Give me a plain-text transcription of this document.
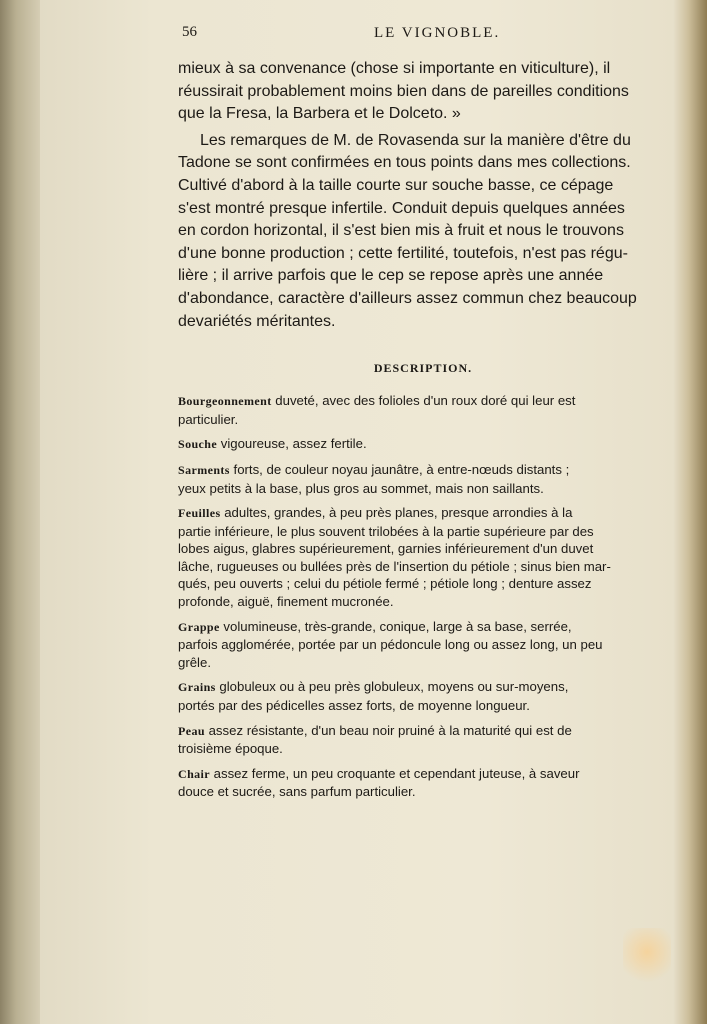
56	LE VIGNOBLE.

mieux à sa convenance (chose si importante en viticulture), il
réussirait probablement moins bien dans de pareilles conditions
que la Fresa, la Barbera et le Dolceto. »

Les remarques de M. de Rovasenda sur la manière d'être du
Tadone se sont confirmées en tous points dans mes collections.
Cultivé d'abord à la taille courte sur souche basse, ce cépage
s'est montré presque infertile. Conduit depuis quelques années
en cordon horizontal, il s'est bien mis à fruit et nous le trouvons
d'une bonne production ; cette fertilité, toutefois, n'est pas régu-
lière ; il arrive parfois que le cep se repose après une année
d'abondance, caractère d'ailleurs assez commun chez beaucoup
devariétés méritantes.

DESCRIPTION.

Bourgeonnement duveté, avec des folioles d'un roux doré qui leur est
particulier.

Souche vigoureuse, assez fertile.

Sarments forts, de couleur noyau jaunâtre, à entre-nœuds distants ;
yeux petits à la base, plus gros au sommet, mais non saillants.

Feuilles adultes, grandes, à peu près planes, presque arrondies à la
partie inférieure, le plus souvent trilobées à la partie supérieure par des
lobes aigus, glabres supérieurement, garnies inférieurement d'un duvet
lâche, rugueuses ou bullées près de l'insertion du pétiole ; sinus bien mar-
qués, peu ouverts ; celui du pétiole fermé ; pétiole long ; denture assez
profonde, aiguë, finement mucronée.

Grappe volumineuse, très-grande, conique, large à sa base, serrée,
parfois agglomérée, portée par un pédoncule long ou assez long, un peu
grêle.

Grains globuleux ou à peu près globuleux, moyens ou sur-moyens,
portés par des pédicelles assez forts, de moyenne longueur.

Peau assez résistante, d'un beau noir pruiné à la maturité qui est de
troisième époque.

Chair assez ferme, un peu croquante et cependant juteuse, à saveur
douce et sucrée, sans parfum particulier.
